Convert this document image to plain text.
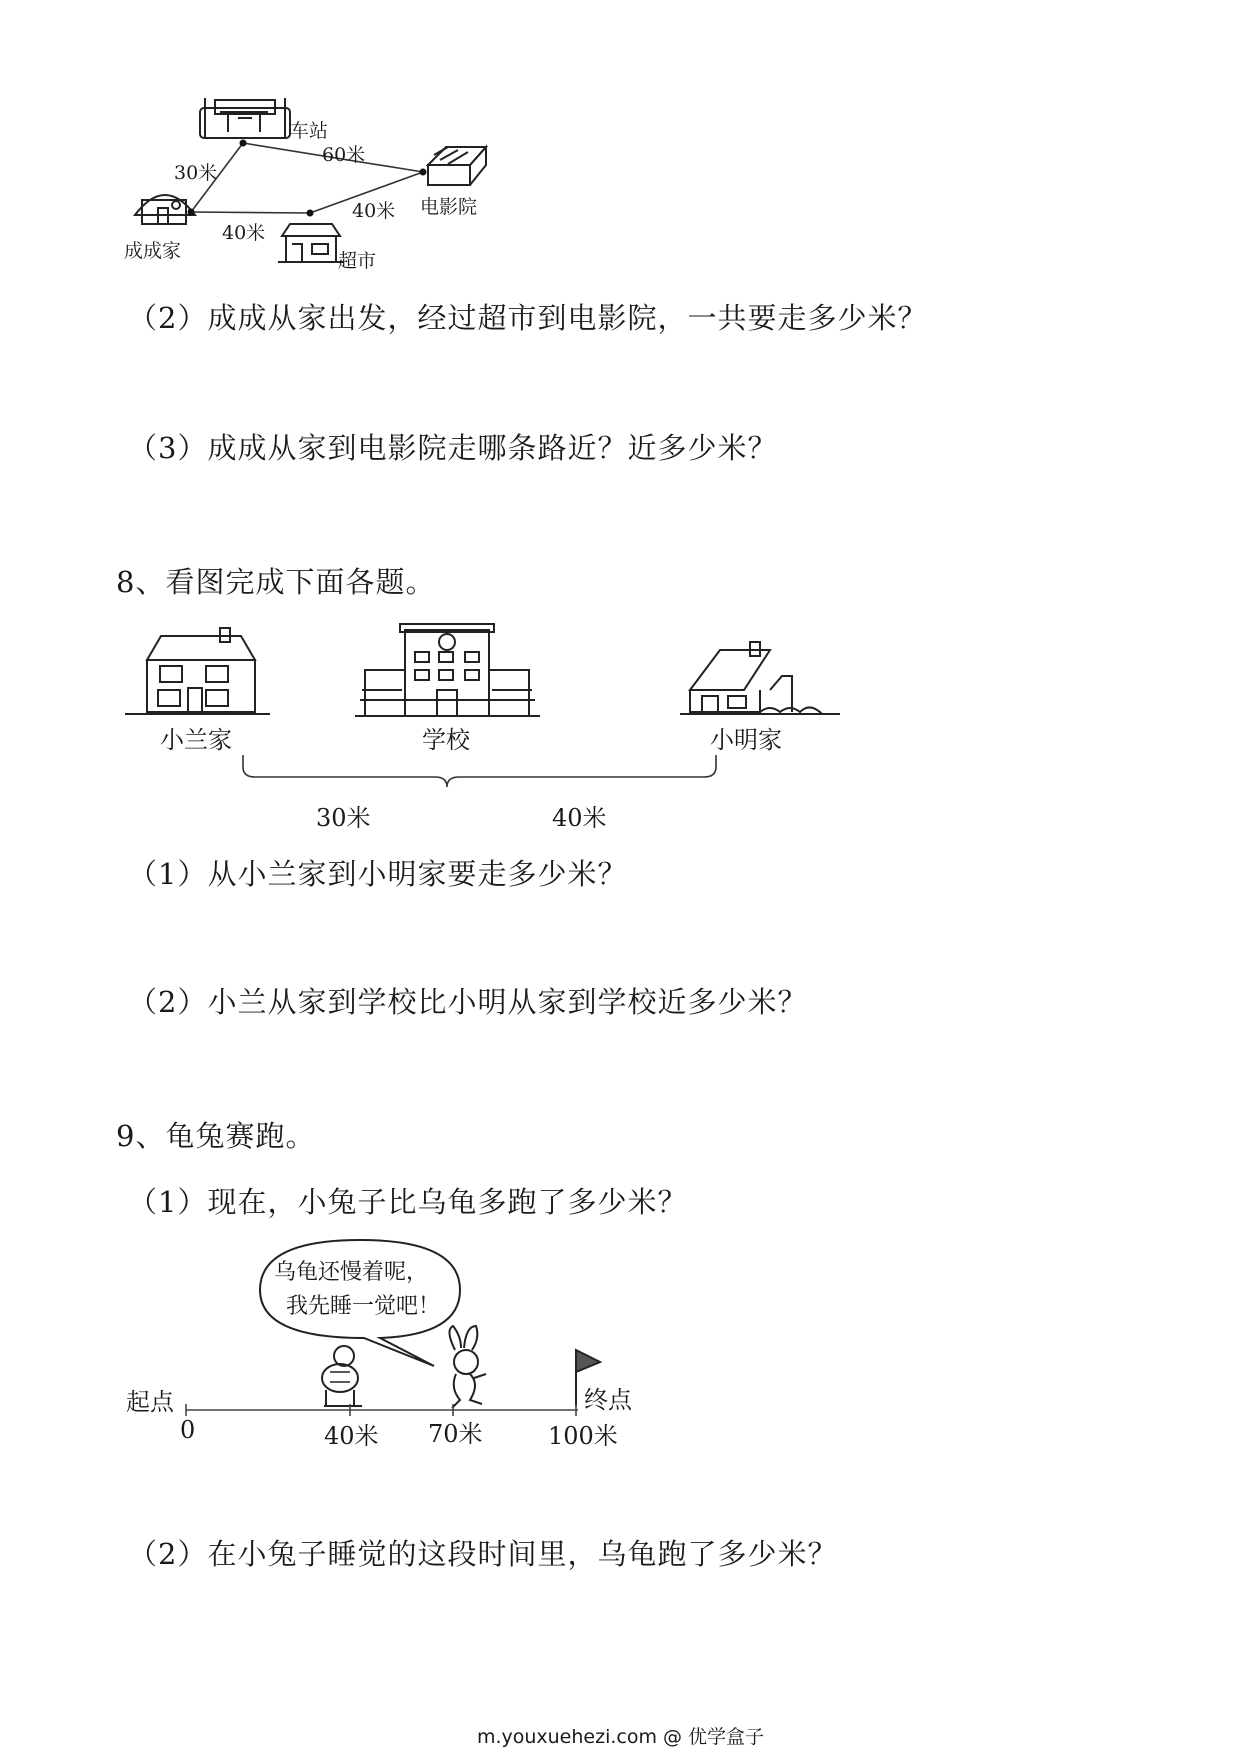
车站
电影院
成成家	超市
30米
60米
40米
40米
（2）成成从家出发，经过超市到电影院，一共要走多少米？
（3）成成从家到电影院走哪条路近？近多少米？
8、看图完成下面各题。
小兰家	学校	小明家
30米	40米
（1）从小兰家到小明家要走多少米？
（2）小兰从家到学校比小明从家到学校近多少米？
9、龟兔赛跑。
（1）现在，小兔子比乌龟多跑了多少米？
乌龟还慢着呢，
我先睡一觉吧！
起点	终点
0	40米 70米	100米
（2）在小兔子睡觉的这段时间里，乌龟跑了多少米？
m.youxuehezi.com @ 优学盒子
